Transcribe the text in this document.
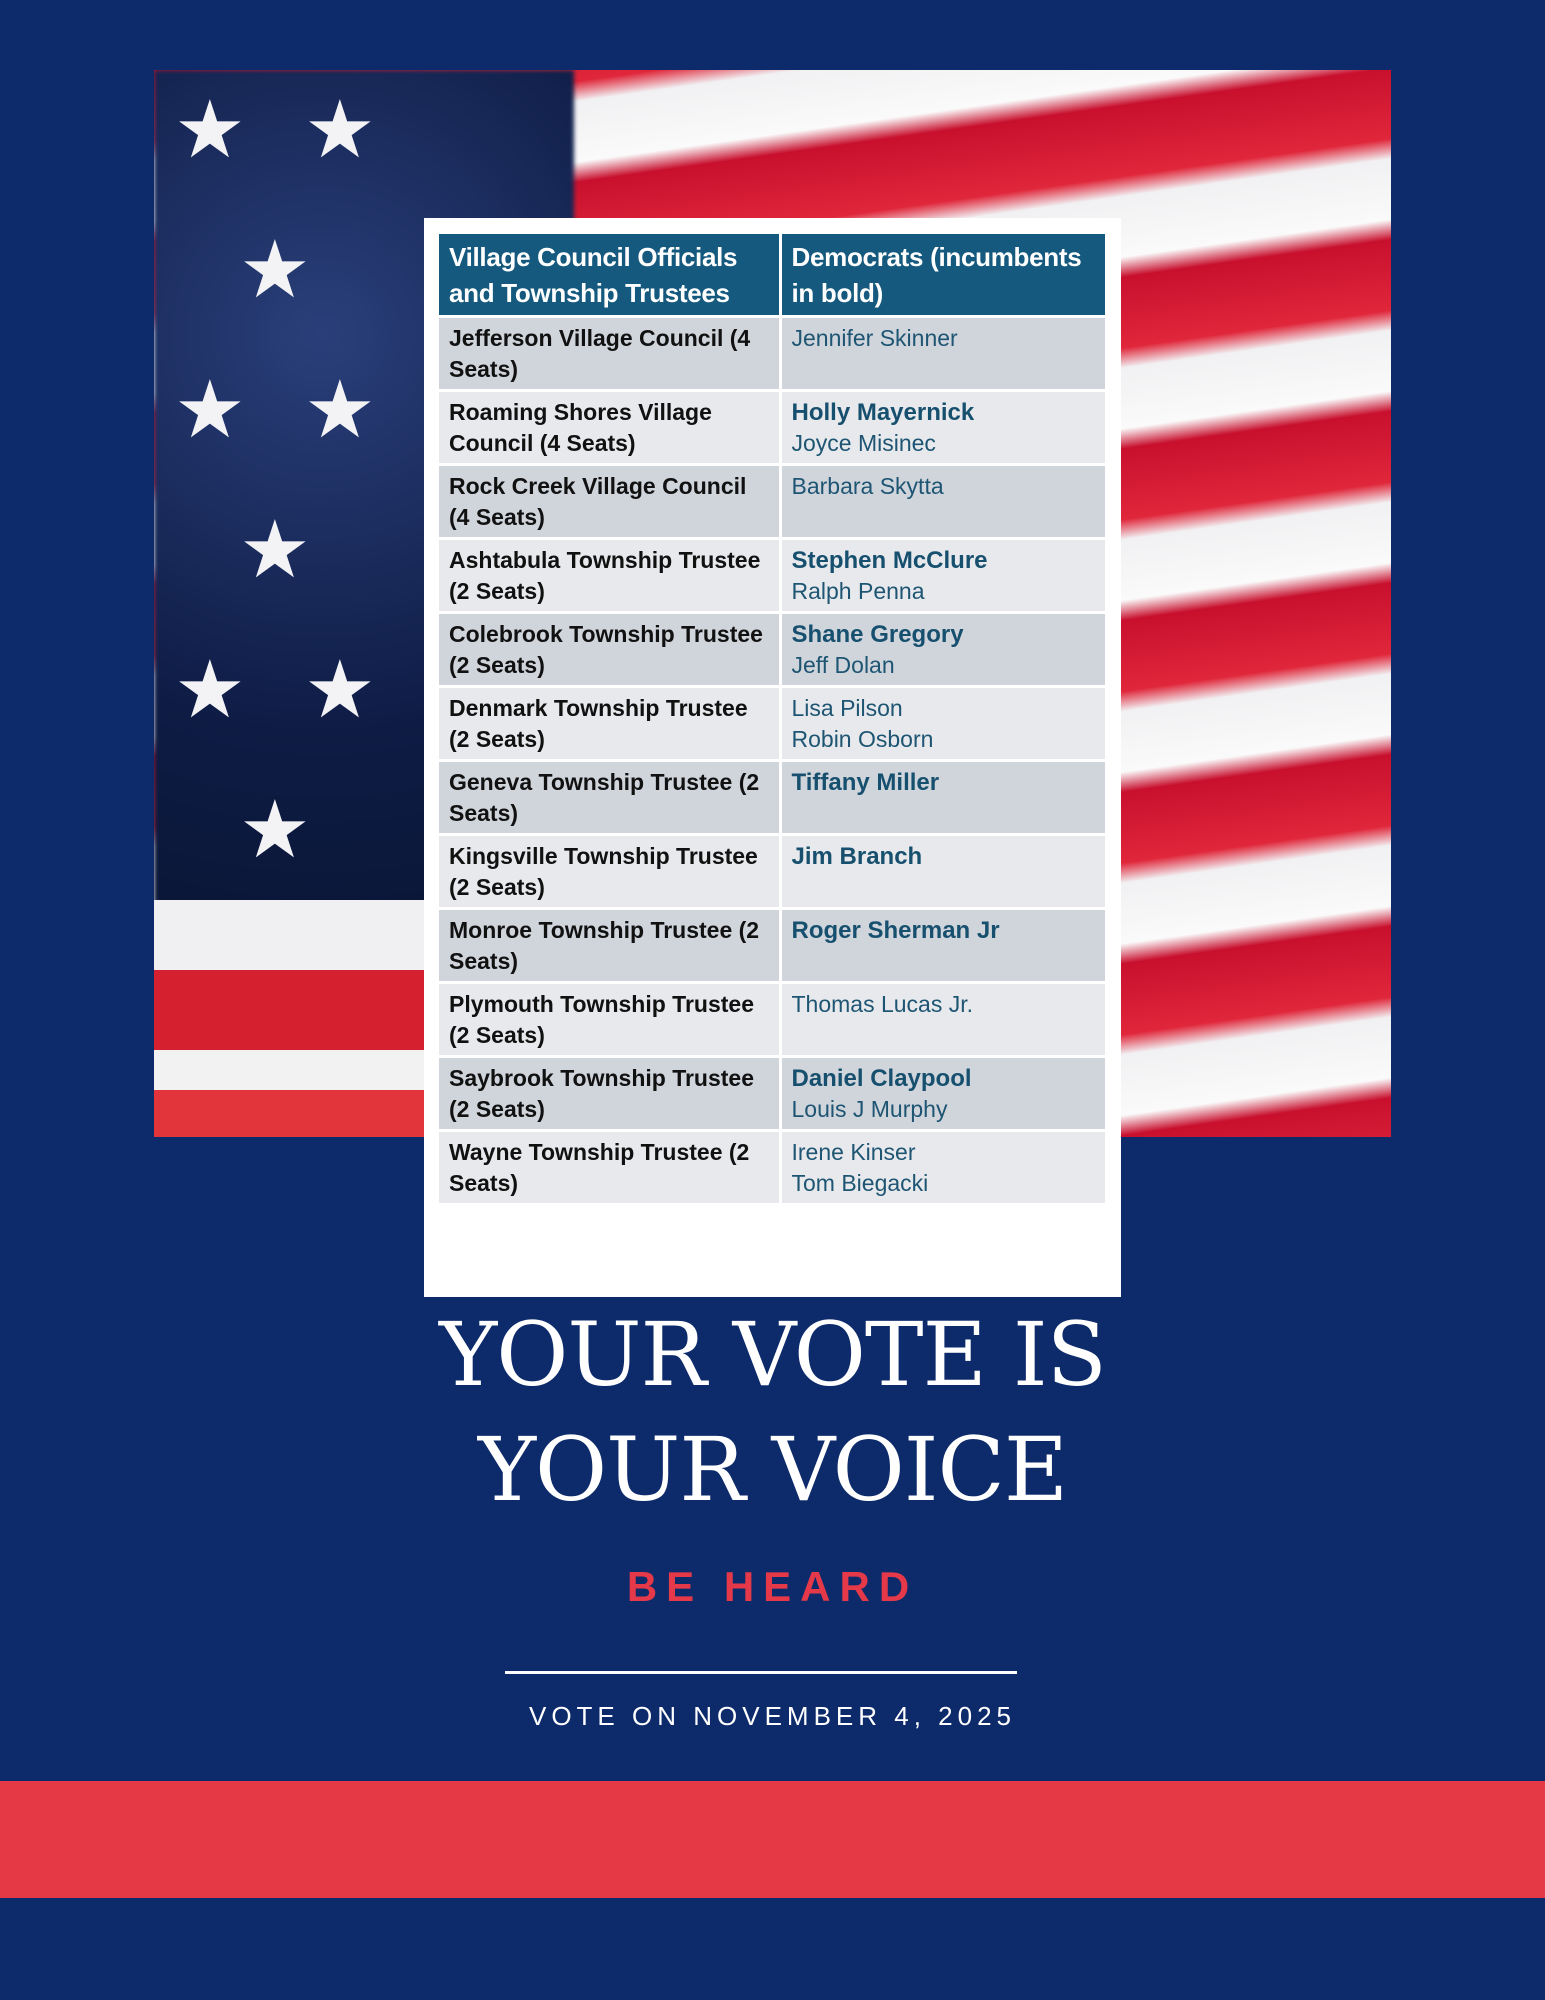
★ ★
★
★ ★
★
★ ★
★
Village Council Officials and Township Trustees	Democrats (incumbents in bold)
Jefferson Village Council (4 Seats)	Jennifer Skinner

Roaming Shores Village Council (4 Seats)	Holly Mayernick
Joyce Misinec

Rock Creek Village Council (4 Seats)	Barbara Skytta

Ashtabula Township Trustee (2 Seats)	Stephen McClure
Ralph Penna

Colebrook Township Trustee (2 Seats)	Shane Gregory
Jeff Dolan

Denmark Township Trustee (2 Seats)	Lisa Pilson
Robin Osborn

Geneva Township Trustee (2 Seats)	Tiffany Miller

Kingsville Township Trustee (2 Seats)	Jim Branch

Monroe Township Trustee (2 Seats)	Roger Sherman Jr

Plymouth Township Trustee (2 Seats)	Thomas Lucas Jr.

Saybrook Township Trustee (2 Seats)	Daniel Claypool
Louis J Murphy

Wayne Township Trustee (2 Seats)	Irene Kinser
Tom Biegacki
YOUR VOTE IS
YOUR VOICE
BE HEARD
VOTE ON NOVEMBER 4, 2025
